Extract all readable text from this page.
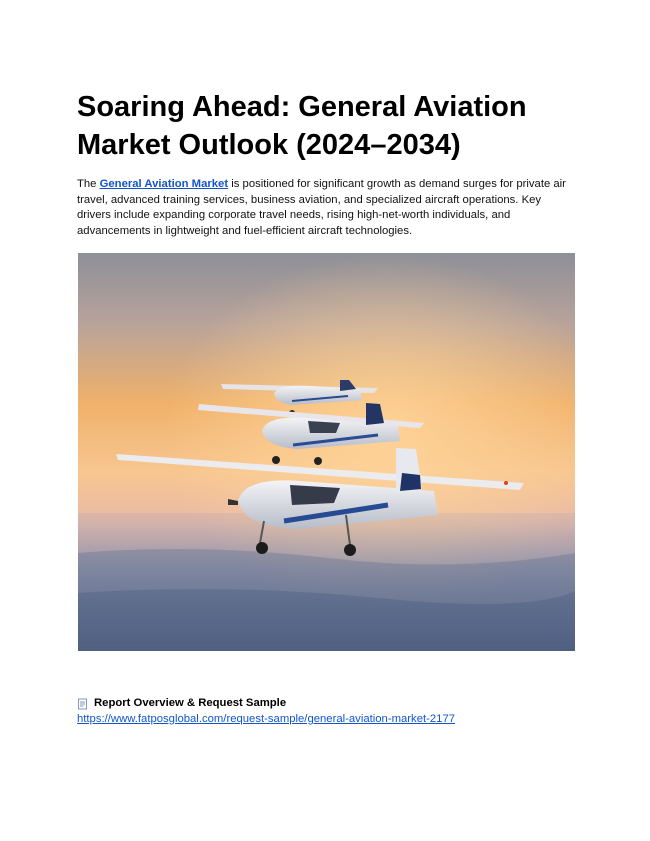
Soaring Ahead: General Aviation Market Outlook (2024–2034)

The General Aviation Market is positioned for significant growth as demand surges for private air travel, advanced training services, business aviation, and specialized aircraft operations. Key drivers include expanding corporate travel needs, rising high-net-worth individuals, and advancements in lightweight and fuel-efficient aircraft technologies.

Report Overview & Request Sample
https://www.fatposglobal.com/request-sample/general-aviation-market-2177
